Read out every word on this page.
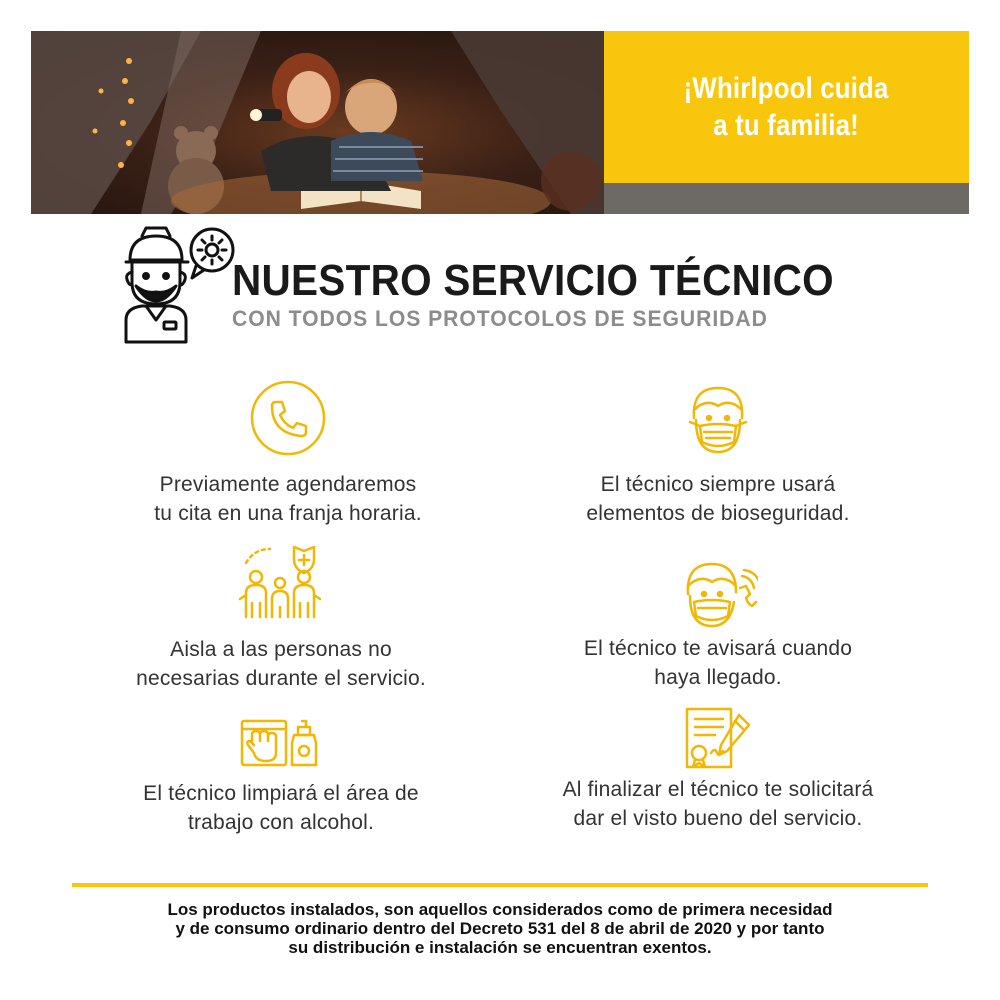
¡Whirlpool cuida
a tu familia!
NUESTRO SERVICIO TÉCNICO
CON TODOS LOS PROTOCOLOS DE SEGURIDAD
Previamente agendaremos
tu cita en una franja horaria.
El técnico siempre usará
elementos de bioseguridad.
Aisla a las personas no
necesarias durante el servicio.
El técnico te avisará cuando
haya llegado.
El técnico limpiará el área de
trabajo con alcohol.
Al finalizar el técnico te solicitará
dar el visto bueno del servicio.
Los productos instalados, son aquellos considerados como de primera necesidad
y de consumo ordinario dentro del Decreto 531 del 8 de abril de 2020 y por tanto
su distribución e instalación se encuentran exentos.
